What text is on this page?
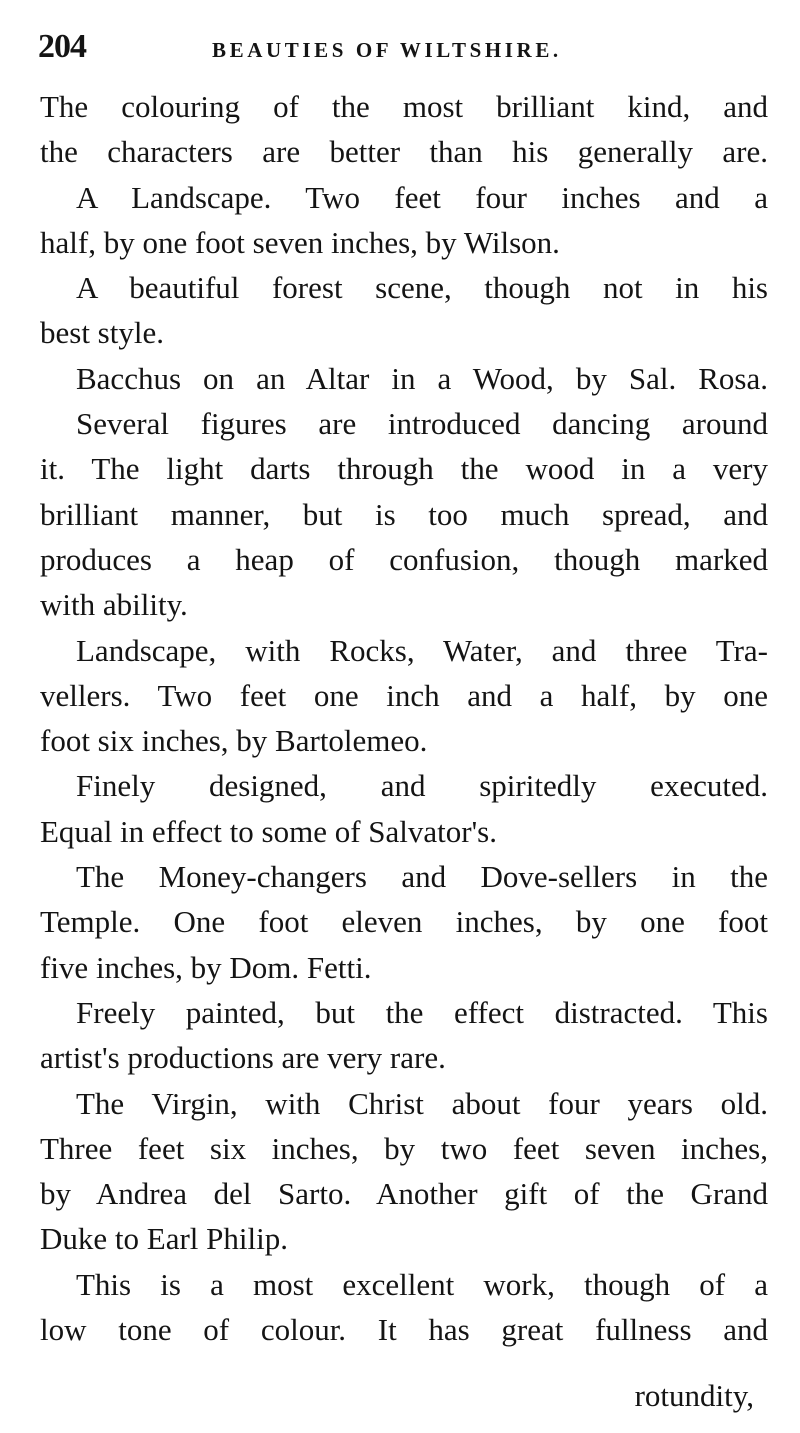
204	BEAUTIES OF WILTSHIRE.
The colouring of the most brilliant kind, and
the characters are better than his generally are.
A Landscape. Two feet four inches and a
half, by one foot seven inches, by Wilson.
A beautiful forest scene, though not in his
best style.
Bacchus on an Altar in a Wood, by Sal. Rosa.
Several figures are introduced dancing around
it. The light darts through the wood in a very
brilliant manner, but is too much spread, and
produces a heap of confusion, though marked
with ability.
Landscape, with Rocks, Water, and three Tra-
vellers. Two feet one inch and a half, by one
foot six inches, by Bartolemeo.
Finely designed, and spiritedly executed.
Equal in effect to some of Salvator's.
The Money-changers and Dove-sellers in the
Temple. One foot eleven inches, by one foot
five inches, by Dom. Fetti.
Freely painted, but the effect distracted. This
artist's productions are very rare.
The Virgin, with Christ about four years old.
Three feet six inches, by two feet seven inches,
by Andrea del Sarto. Another gift of the Grand
Duke to Earl Philip.
This is a most excellent work, though of a
low tone of colour. It has great fullness and
rotundity,
